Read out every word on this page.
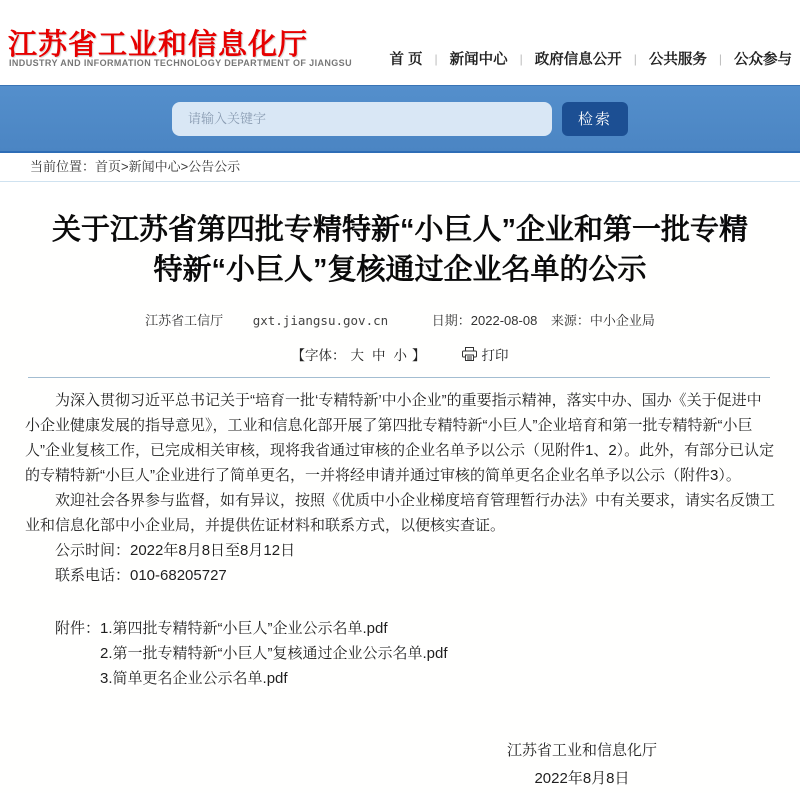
江苏省工业和信息化厅
INDUSTRY AND INFORMATION TECHNOLOGY DEPARTMENT OF JIANGSU	首 页	| 新闻中心	| 政府信息公开	| 公共服务	| 公众参与
请输入关键字
检索
当前位置：首页>新闻中心>公告公示
关于江苏省第四批专精特新“小巨人”企业和第一批专精特新“小巨人”复核通过企业名单的公示
江苏省工信厅 gxt.jiangsu.gov.cn	日期：2022-08-08 来源：中小企业局
【字体： 大 中 小 】	打印

为深入贯彻习近平总书记关于“培育一批‘专精特新’中小企业”的重要指示精神，落实中办、国办《关于促进中小企业健康发展的指导意见》，工业和信息化部开展了第四批专精特新“小巨人”企业培育和第一批专精特新“小巨人”企业复核工作，已完成相关审核，现将我省通过审核的企业名单予以公示（见附件1、2）。此外，有部分已认定的专精特新“小巨人”企业进行了简单更名，一并将经申请并通过审核的简单更名企业名单予以公示（附件3）。

欢迎社会各界参与监督，如有异议，按照《优质中小企业梯度培育管理暂行办法》中有关要求，请实名反馈工业和信息化部中小企业局，并提供佐证材料和联系方式，以便核实查证。

公示时间：2022年8月8日至8月12日

联系电话：010-68205727

附件： 1.第四批专精特新“小巨人”企业公示名单.pdf
2.第一批专精特新“小巨人”复核通过企业公示名单.pdf
3.简单更名企业公示名单.pdf
江苏省工业和信息化厅
2022年8月8日
